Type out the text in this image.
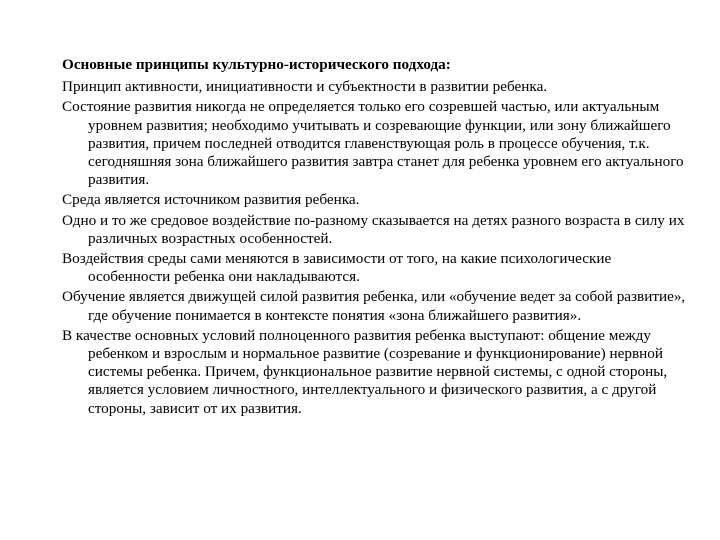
Основные принципы культурно-исторического подхода:

Принцип активности, инициативности и субъектности в развитии ребенка.

Состояние развития никогда не определяется только его созревшей частью, или актуальным уровнем развития; необходимо учитывать и созревающие функции, или зону ближайшего развития, причем последней отводится главенствующая роль в процессе обучения, т.к. сегодняшняя зона ближайшего развития завтра станет для ребенка уровнем его актуального развития.

Среда является источником развития ребенка.

Одно и то же средовое воздействие по-разному сказывается на детях разного возраста в силу их различных возрастных особенностей.

Воздействия среды сами меняются в зависимости от того, на какие психологические особенности ребенка они накладываются.

Обучение является движущей силой развития ребенка, или «обучение ведет за собой развитие», где обучение понимается в контексте понятия «зона ближайшего развития».

В качестве основных условий полноценного развития ребенка выступают: общение между ребенком и взрослым и нормальное развитие (созревание и функционирование) нервной системы ребенка. Причем, функциональное развитие нервной системы, с одной стороны, является условием личностного, интеллектуального и физического развития, а с другой стороны, зависит от их развития.
